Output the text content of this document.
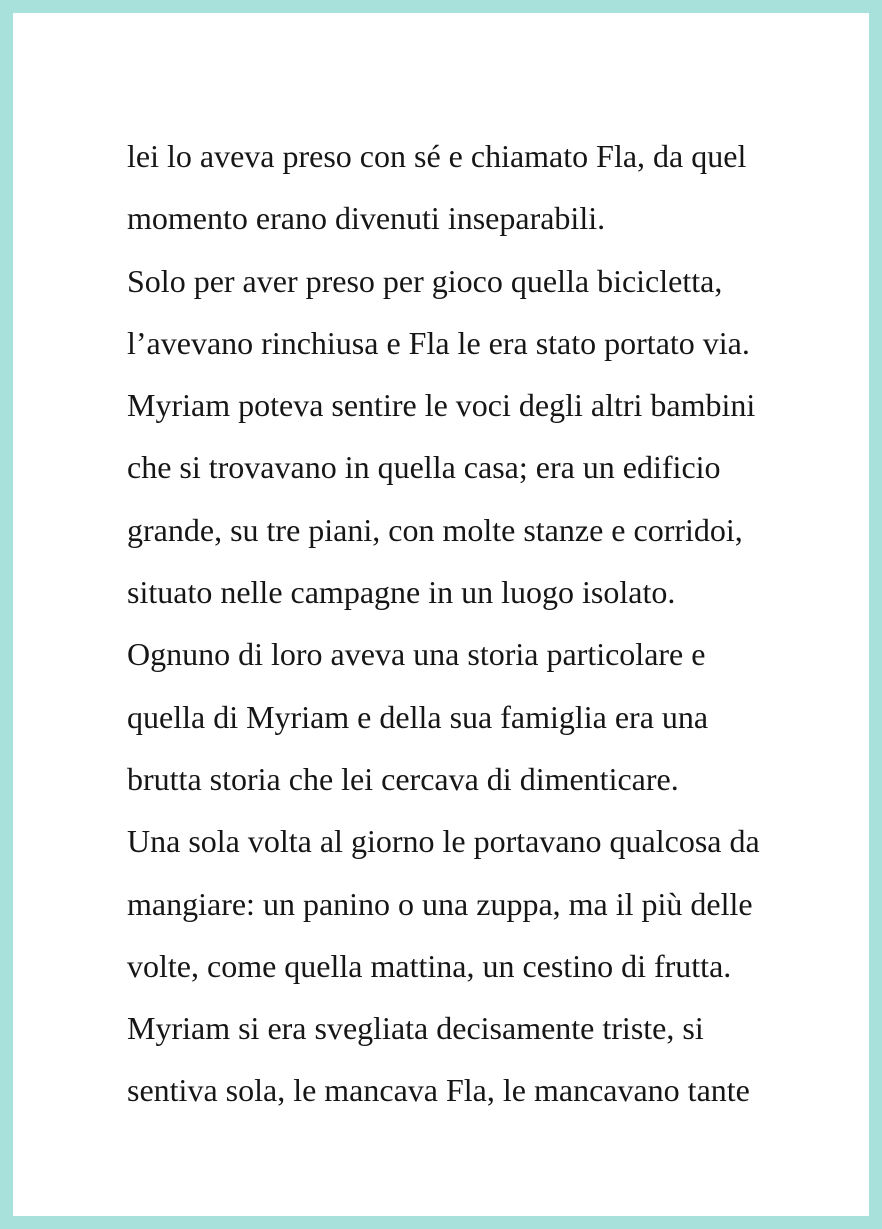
lei lo aveva preso con sé e chiamato Fla, da quel
momento erano divenuti inseparabili.
Solo per aver preso per gioco quella bicicletta,
l’avevano rinchiusa e Fla le era stato portato via.
Myriam poteva sentire le voci degli altri bambini
che si trovavano in quella casa; era un edificio
grande, su tre piani, con molte stanze e corridoi,
situato nelle campagne in un luogo isolato.
Ognuno di loro aveva una storia particolare e
quella di Myriam e della sua famiglia era una
brutta storia che lei cercava di dimenticare.
Una sola volta al giorno le portavano qualcosa da
mangiare: un panino o una zuppa, ma il più delle
volte, come quella mattina, un cestino di frutta.
Myriam si era svegliata decisamente triste, si
sentiva sola, le mancava Fla, le mancavano tante
